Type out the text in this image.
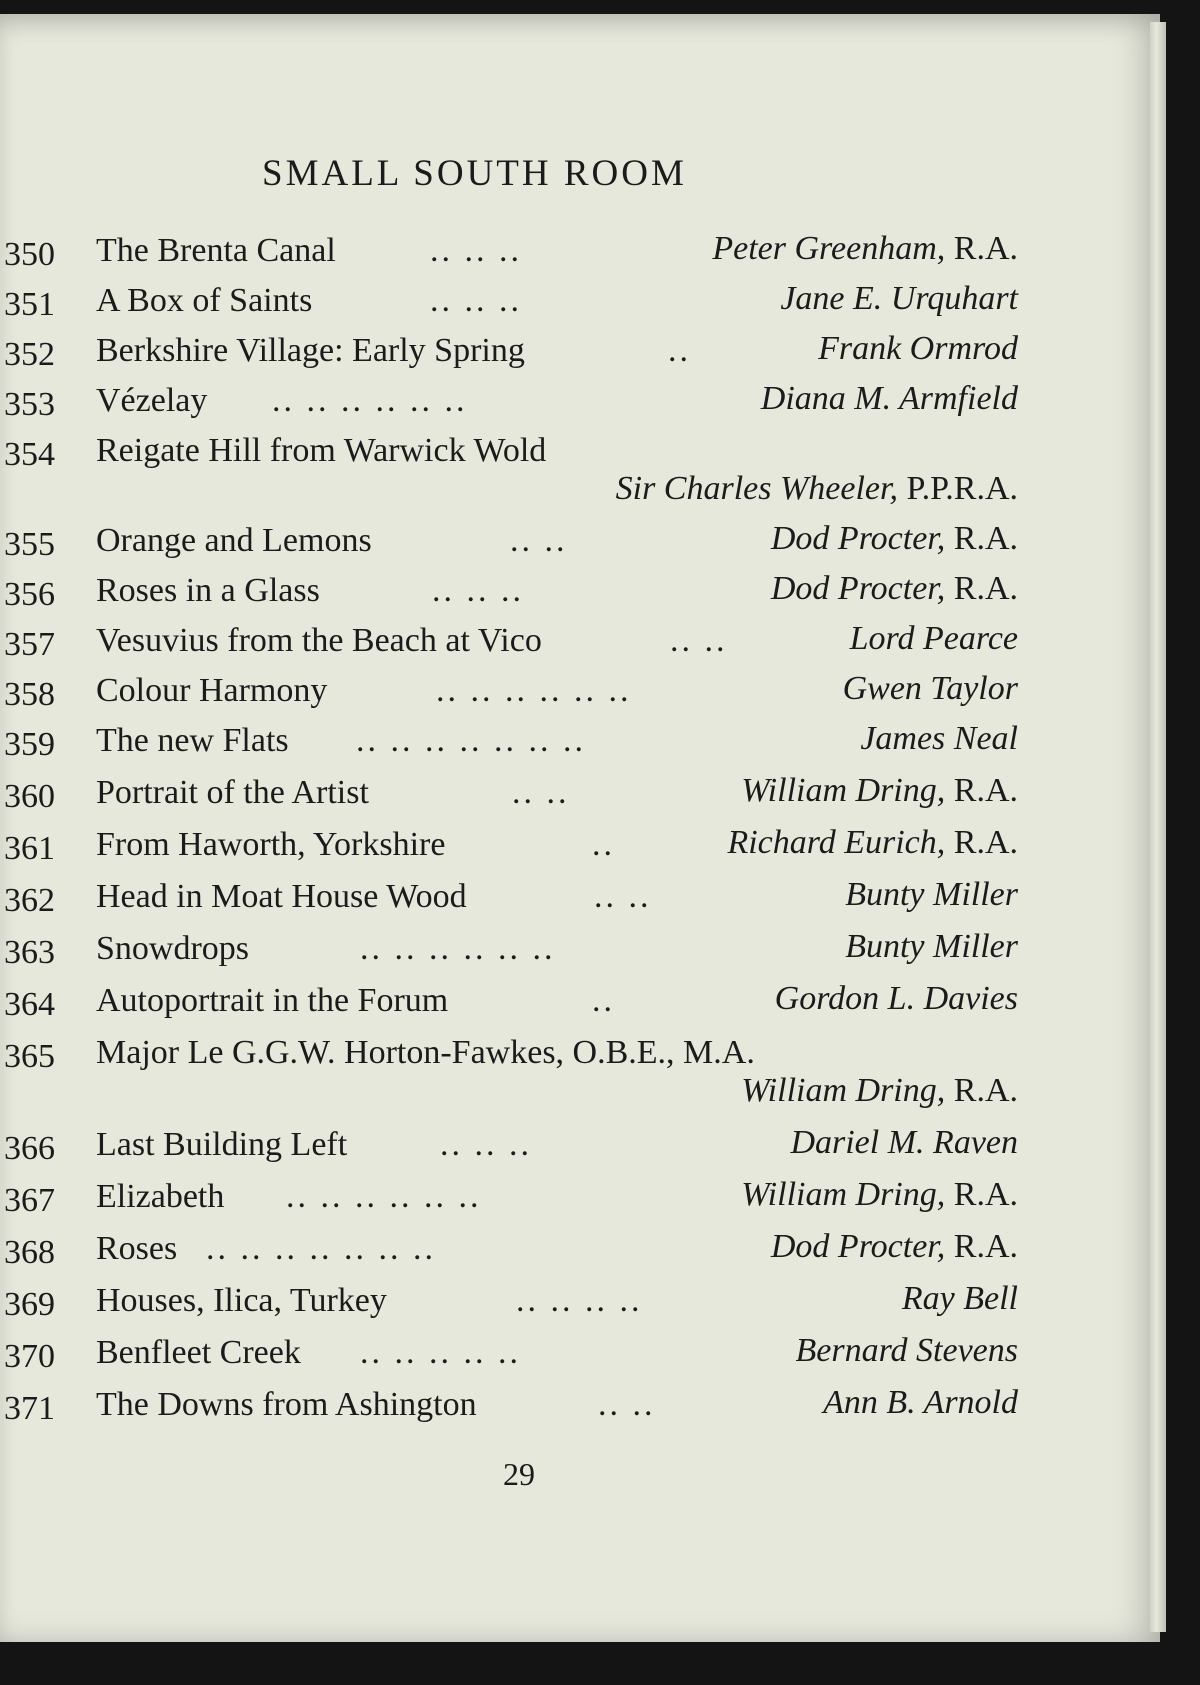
SMALL SOUTH ROOM
350 The Brenta Canal	.. .. ..	Peter Greenham, R.A.
351 A Box of Saints	.. .. ..	Jane E. Urquhart
352 Berkshire Village: Early Spring	..	Frank Ormrod
353 Vézelay .. .. .. .. .. ..	Diana M. Armfield
354 Reigate Hill from Warwick Wold
Sir Charles Wheeler, P.P.R.A.
355 Orange and Lemons	.. ..	Dod Procter, R.A.
356 Roses in a Glass	.. .. ..	Dod Procter, R.A.
357 Vesuvius from the Beach at Vico	.. ..	Lord Pearce
358 Colour Harmony	.. .. .. .. .. ..	Gwen Taylor
359 The new Flats .. .. .. .. .. .. ..	James Neal
360 Portrait of the Artist	.. ..	William Dring, R.A.
361 From Haworth, Yorkshire	..	Richard Eurich, R.A.
362 Head in Moat House Wood	.. ..	Bunty Miller
363 Snowdrops	.. .. .. .. .. ..	Bunty Miller
364 Autoportrait in the Forum	..	Gordon L. Davies
365 Major Le G.G.W. Horton-Fawkes, O.B.E., M.A.
William Dring, R.A.
366 Last Building Left	.. .. ..	Dariel M. Raven
367 Elizabeth .. .. .. .. .. ..	William Dring, R.A.
368 Roses .. .. .. .. .. .. ..	Dod Procter, R.A.
369 Houses, Ilica, Turkey	.. .. .. ..	Ray Bell
370 Benfleet Creek .. .. .. .. ..	Bernard Stevens
371 The Downs from Ashington	.. ..	Ann B. Arnold
29
